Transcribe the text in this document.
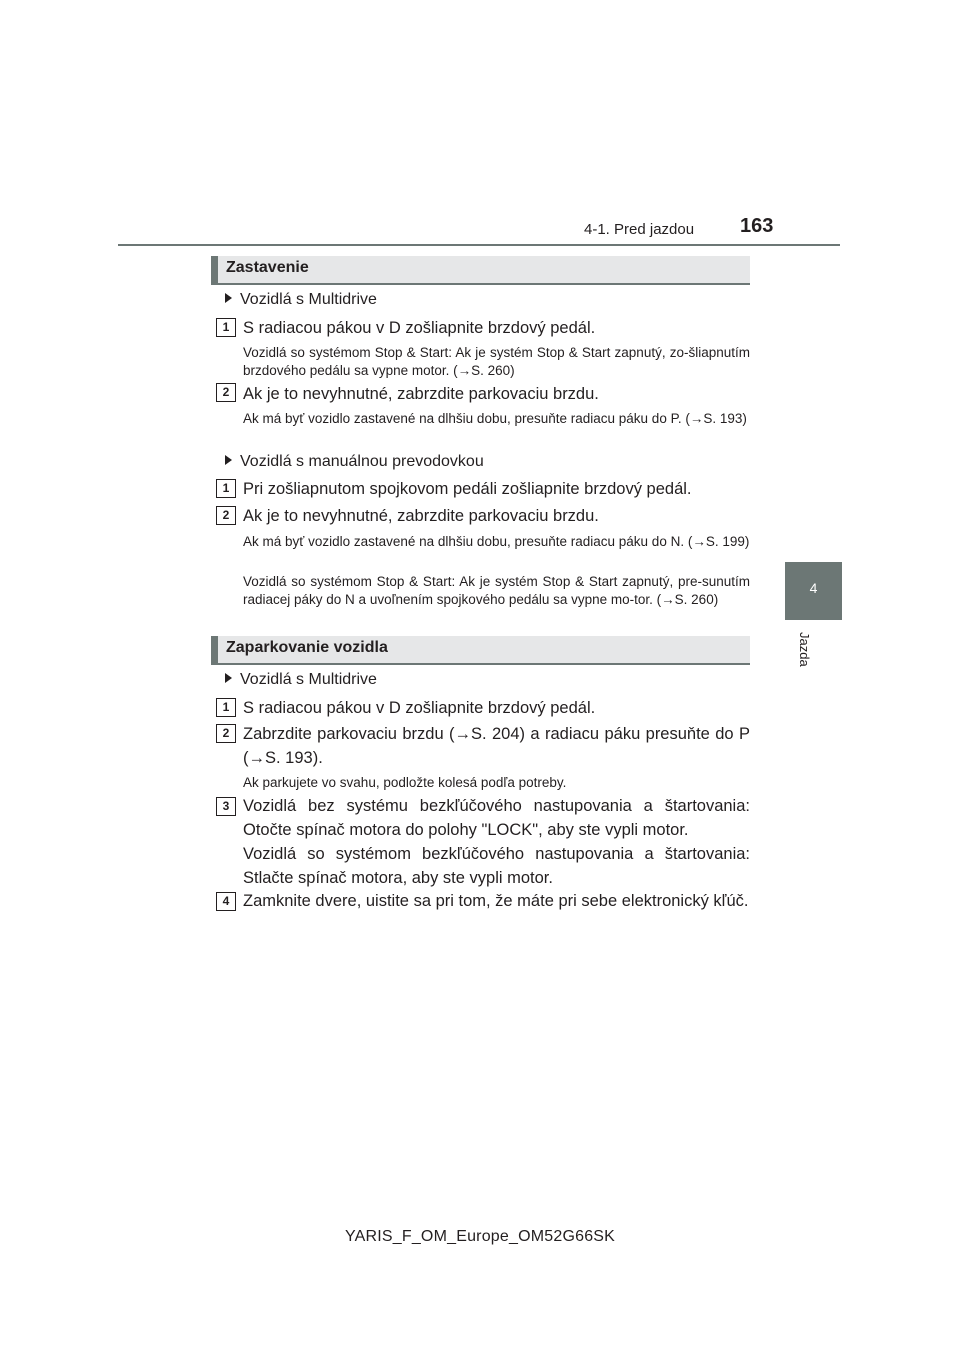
4-1. Pred jazdou 163
4
Jazda
Zastavenie
Vozidlá s Multidrive
1 S radiacou pákou v D zošliapnite brzdový pedál.
Vozidlá so systémom Stop & Start: Ak je systém Stop & Start zapnutý, zo-šliapnutím brzdového pedálu sa vypne motor. (→S. 260)
2 Ak je to nevyhnutné, zabrzdite parkovaciu brzdu.
Ak má byť vozidlo zastavené na dlhšiu dobu, presuňte radiacu páku do P. (→S. 193)
Vozidlá s manuálnou prevodovkou
1 Pri zošliapnutom spojkovom pedáli zošliapnite brzdový pedál.
2 Ak je to nevyhnutné, zabrzdite parkovaciu brzdu.
Ak má byť vozidlo zastavené na dlhšiu dobu, presuňte radiacu páku do N. (→S. 199)
Vozidlá so systémom Stop & Start: Ak je systém Stop & Start zapnutý, pre-sunutím radiacej páky do N a uvoľnením spojkového pedálu sa vypne mo-tor. (→S. 260)
Zaparkovanie vozidla
Vozidlá s Multidrive
1 S radiacou pákou v D zošliapnite brzdový pedál.
2 Zabrzdite parkovaciu brzdu (→S. 204) a radiacu páku presuňte do P (→S. 193).
Ak parkujete vo svahu, podložte kolesá podľa potreby.
3 Vozidlá bez systému bezkľúčového nastupovania a štartovania: Otočte spínač motora do polohy "LOCK", aby ste vypli motor.
Vozidlá so systémom bezkľúčového nastupovania a štartovania: Stlačte spínač motora, aby ste vypli motor.
4 Zamknite dvere, uistite sa pri tom, že máte pri sebe elektronický kľúč.
YARIS_F_OM_Europe_OM52G66SK
